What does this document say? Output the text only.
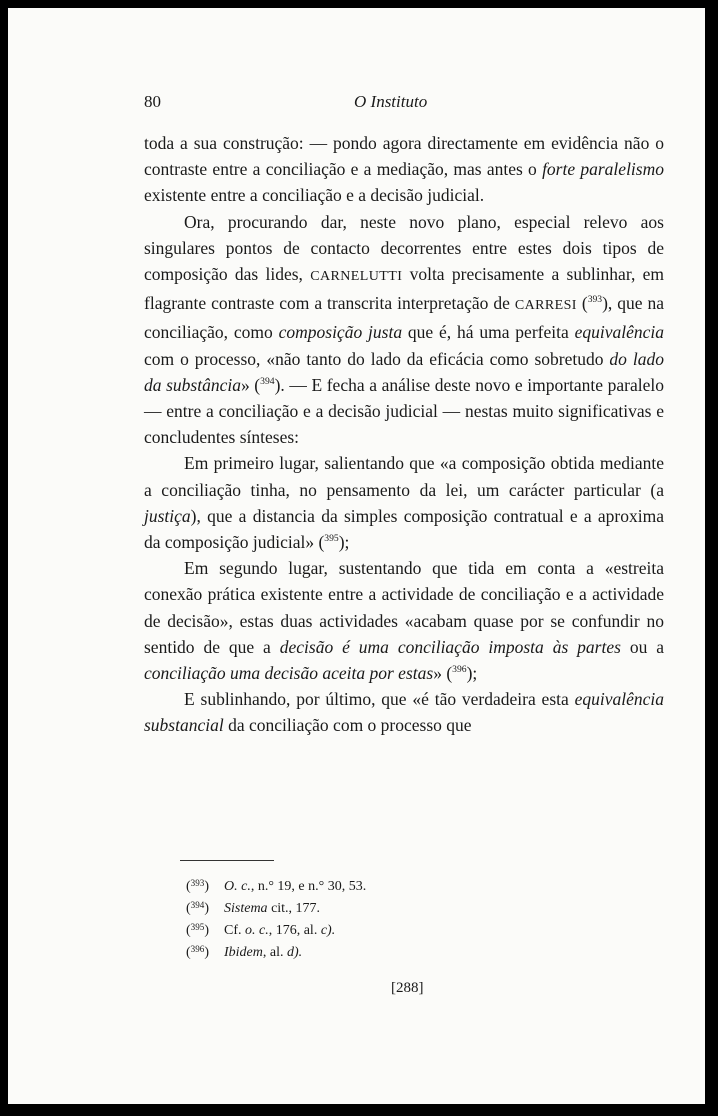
80	O Instituto

toda a sua construção: — pondo agora directamente em evidência não o contraste entre a conciliação e a mediação, mas antes o forte paralelismo existente entre a conciliação e a decisão judicial.

Ora, procurando dar, neste novo plano, especial relevo aos singulares pontos de contacto decorrentes entre estes dois tipos de composição das lides, CARNELUTTI volta precisamente a sublinhar, em flagrante contraste com a transcrita interpretação de CARRESI ($^{393}$), que na conciliação, como composição justa que é, há uma perfeita equivalência com o processo, «não tanto do lado da eficácia como sobretudo do lado da substância» ($^{394}$). — E fecha a análise deste novo e importante paralelo — entre a conciliação e a decisão judicial — nestas muito significativas e concludentes sínteses:

Em primeiro lugar, salientando que «a composição obtida mediante a conciliação tinha, no pensamento da lei, um carácter particular (a justiça), que a distancia da simples composição contratual e a aproxima da composição judicial» ($^{395}$);

Em segundo lugar, sustentando que tida em conta a «estreita conexão prática existente entre a actividade de conciliação e a actividade de decisão», estas duas actividades «acabam quase por se confundir no sentido de que a decisão é uma conciliação imposta às partes ou a conciliação uma decisão aceita por estas» ($^{396}$);

E sublinhando, por último, que «é tão verdadeira esta equivalência substancial da conciliação com o processo que

($^{393}$)	O. c., n.° 19, e n.° 30, 53.
($^{394}$)	Sistema cit., 177.
($^{395}$)	Cf. o. c., 176, al. c).
($^{396}$)	Ibidem, al. d).
[288]
